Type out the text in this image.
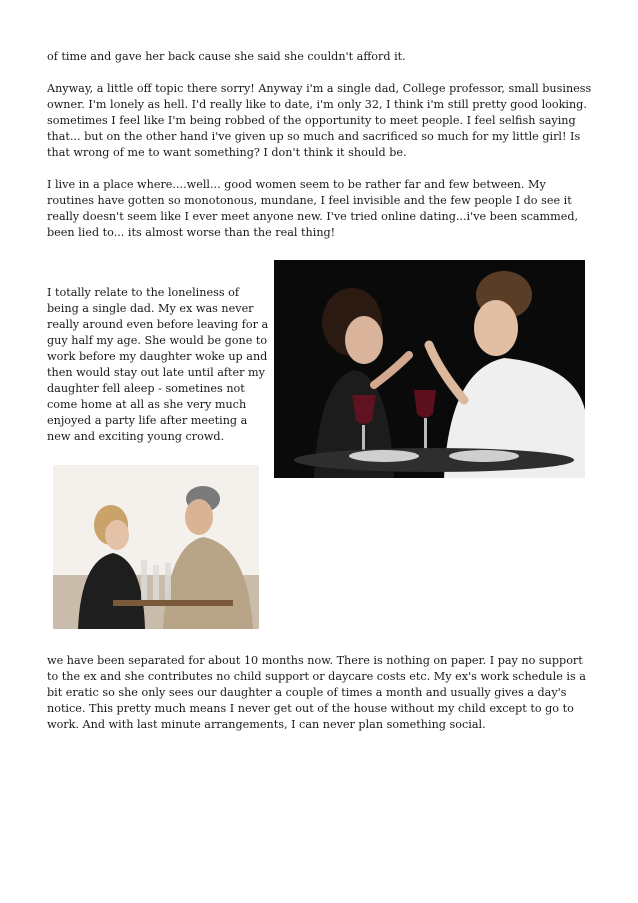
of time and gave her back cause she said she couldn't afford it.

Anyway, a little off topic there sorry! Anyway i'm a single dad, College professor, small business owner. I'm lonely as hell. I'd really like to date, i'm only 32, I think i'm still pretty good looking. sometimes I feel like I'm being robbed of the opportunity to meet people. I feel selfish saying that... but on the other hand i've given up so much and sacrificed so much for my little girl! Is that wrong of me to want something? I don't think it should be.

I live in a place where....well... good women seem to be rather far and few between. My routines have gotten so monotonous, mundane, I feel invisible and the few people I do see it really doesn't seem like I ever meet anyone new. I've tried online dating...i've been scammed, been lied to... its almost worse than the real thing!

I totally relate to the loneliness of being a single dad. My ex was never really around even before leaving for a guy half my age. She would be gone to work before my daughter woke up and then would stay out late until after my daughter fell aleep - sometines not come home at all as she very much enjoyed a party life after meeting a new and exciting young crowd.

we have been separated for about 10 months now. There is nothing on paper. I pay no support to the ex and she contributes no child support or daycare costs etc. My ex's work schedule is a bit eratic so she only sees our daughter a couple of times a month and usually gives a day's notice. This pretty much means I never get out of the house without my child except to go to work. And with last minute arrangements, I can never plan something social.
